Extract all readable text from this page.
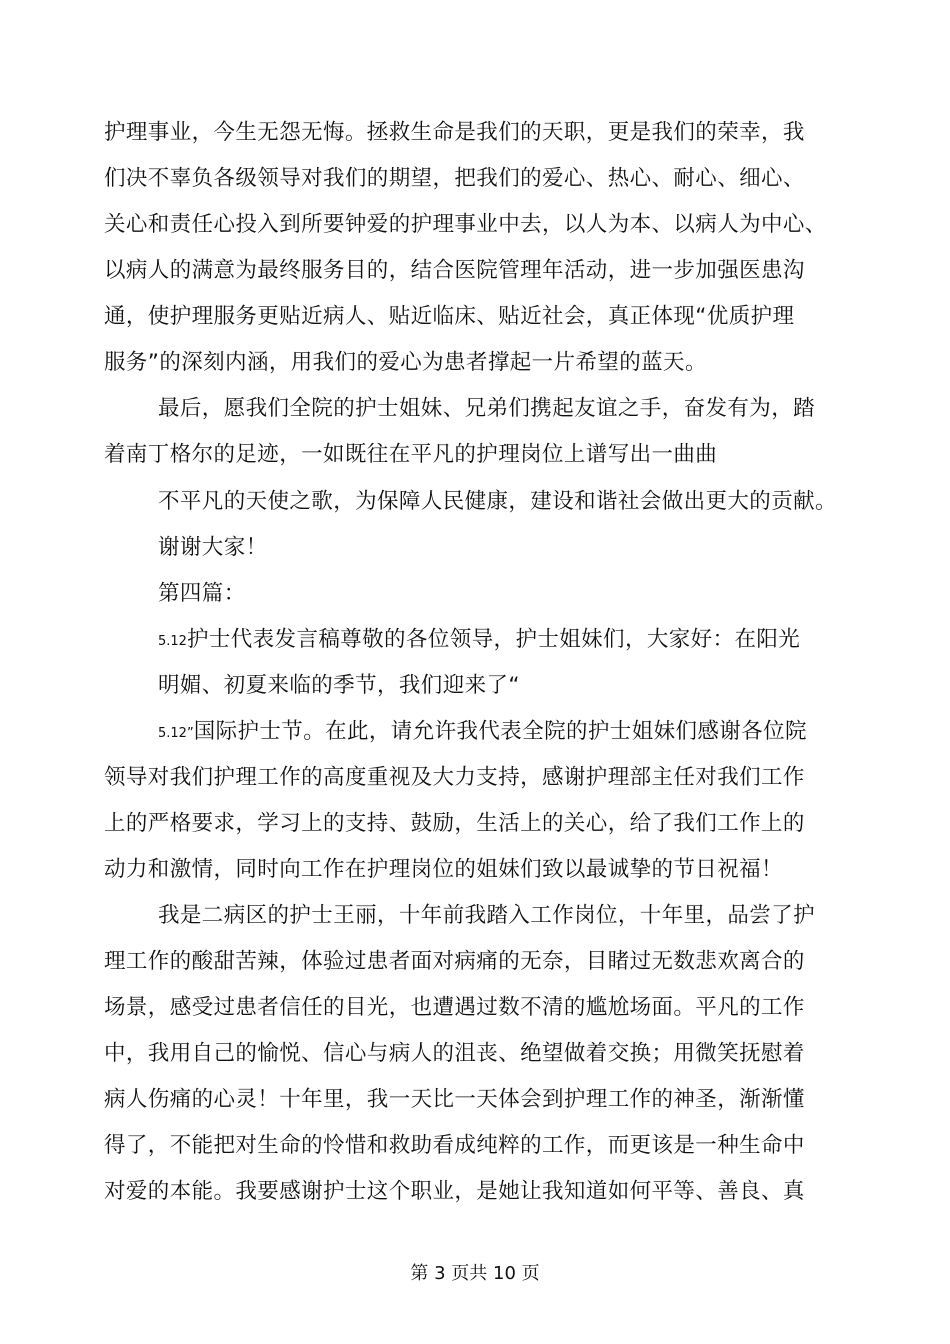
护理事业，今生无怨无悔。拯救生命是我们的天职，更是我们的荣幸，我
们决不辜负各级领导对我们的期望，把我们的爱心、热心、耐心、细心、
关心和责任心投入到所要钟爱的护理事业中去，以人为本、以病人为中心、
以病人的满意为最终服务目的，结合医院管理年活动，进一步加强医患沟
通，使护理服务更贴近病人、贴近临床、贴近社会，真正体现“优质护理
服务”的深刻内涵，用我们的爱心为患者撑起一片希望的蓝天。
最后，愿我们全院的护士姐妹、兄弟们携起友谊之手，奋发有为，踏
着南丁格尔的足迹，一如既往在平凡的护理岗位上谱写出一曲曲
不平凡的天使之歌，为保障人民健康，建设和谐社会做出更大的贡献。
谢谢大家！
第四篇：
5.12护士代表发言稿尊敬的各位领导，护士姐妹们，大家好：在阳光
明媚、初夏来临的季节，我们迎来了“
5.12”国际护士节。在此，请允许我代表全院的护士姐妹们感谢各位院
领导对我们护理工作的高度重视及大力支持，感谢护理部主任对我们工作
上的严格要求，学习上的支持、鼓励，生活上的关心，给了我们工作上的
动力和激情，同时向工作在护理岗位的姐妹们致以最诚挚的节日祝福！
我是二病区的护士王丽，十年前我踏入工作岗位，十年里，品尝了护
理工作的酸甜苦辣，体验过患者面对病痛的无奈，目睹过无数悲欢离合的
场景，感受过患者信任的目光，也遭遇过数不清的尴尬场面。平凡的工作
中，我用自己的愉悦、信心与病人的沮丧、绝望做着交换；用微笑抚慰着
病人伤痛的心灵！十年里，我一天比一天体会到护理工作的神圣，渐渐懂
得了，不能把对生命的怜惜和救助看成纯粹的工作，而更该是一种生命中
对爱的本能。我要感谢护士这个职业，是她让我知道如何平等、善良、真
第 3 页共 10 页
